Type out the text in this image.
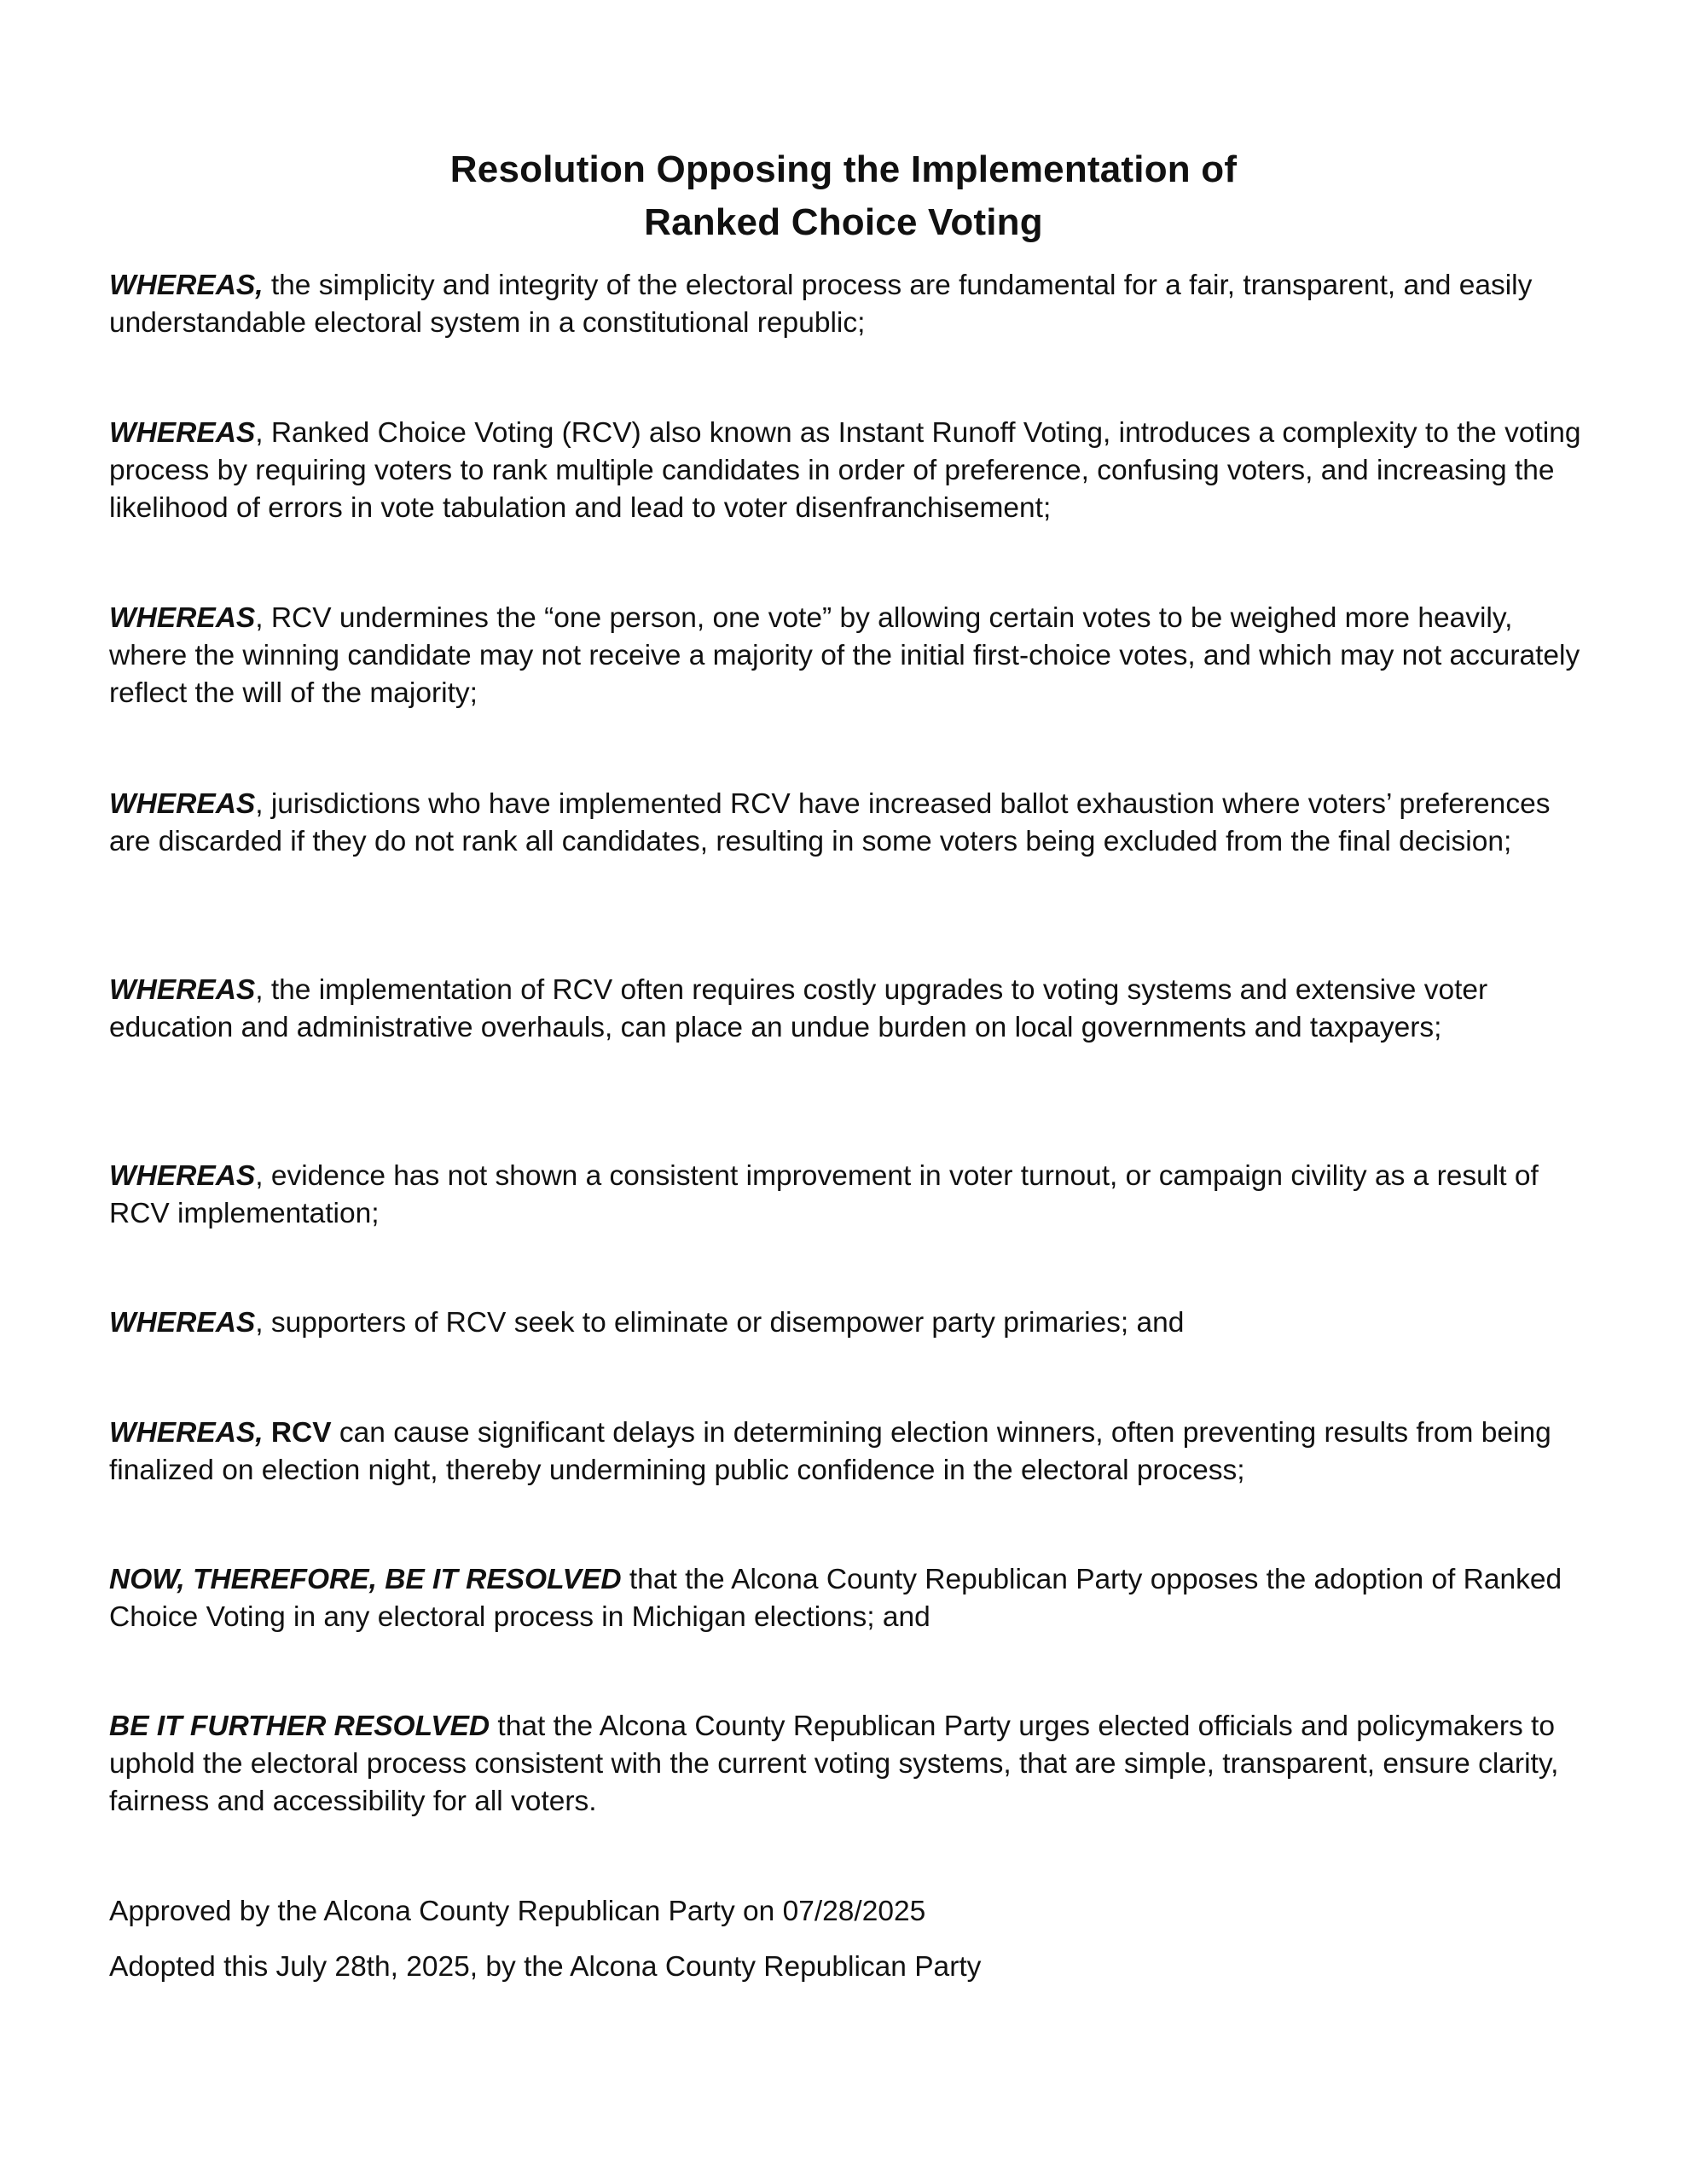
Resolution Opposing the Implementation of
Ranked Choice Voting

WHEREAS, the simplicity and integrity of the electoral process are fundamental for a fair, transparent, and easily understandable electoral system in a constitutional republic;

WHEREAS, Ranked Choice Voting (RCV) also known as Instant Runoff Voting, introduces a complexity to the voting process by requiring voters to rank multiple candidates in order of preference, confusing voters, and increasing the likelihood of errors in vote tabulation and lead to voter disenfranchisement;

WHEREAS, RCV undermines the “one person, one vote” by allowing certain votes to be weighed more heavily, where the winning candidate may not receive a majority of the initial first-choice votes, and which may not accurately reflect the will of the majority;

WHEREAS, jurisdictions who have implemented RCV have increased ballot exhaustion where voters’ preferences are discarded if they do not rank all candidates, resulting in some voters being excluded from the final decision;

WHEREAS, the implementation of RCV often requires costly upgrades to voting systems and extensive voter education and administrative overhauls, can place an undue burden on local governments and taxpayers;

WHEREAS, evidence has not shown a consistent improvement in voter turnout, or campaign civility as a result of RCV implementation;

WHEREAS, supporters of RCV seek to eliminate or disempower party primaries; and

WHEREAS, RCV can cause significant delays in determining election winners, often preventing results from being finalized on election night, thereby undermining public confidence in the electoral process;

NOW, THEREFORE, BE IT RESOLVED that the Alcona County Republican Party opposes the adoption of Ranked Choice Voting in any electoral process in Michigan elections; and

BE IT FURTHER RESOLVED that the Alcona County Republican Party urges elected officials and policymakers to uphold the electoral process consistent with the current voting systems, that are simple, transparent, ensure clarity, fairness and accessibility for all voters.

Approved by the Alcona County Republican Party on 07/28/2025

Adopted this July 28th, 2025, by the Alcona County Republican Party
